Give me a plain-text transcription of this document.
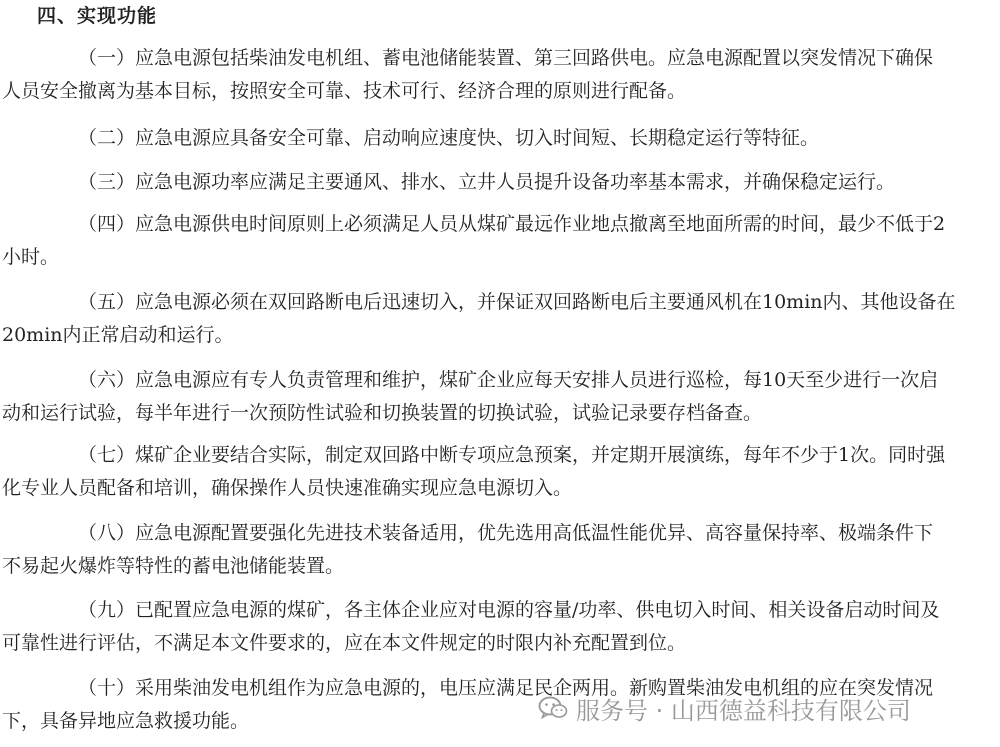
四、实现功能
（一）应急电源包括柴油发电机组、蓄电池储能装置、第三回路供电。应急电源配置以突发情况下确保
人员安全撤离为基本目标，按照安全可靠、技术可行、经济合理的原则进行配备。
（二）应急电源应具备安全可靠、启动响应速度快、切入时间短、长期稳定运行等特征。
（三）应急电源功率应满足主要通风、排水、立井人员提升设备功率基本需求，并确保稳定运行。
（四）应急电源供电时间原则上必须满足人员从煤矿最远作业地点撤离至地面所需的时间，最少不低于2
小时。
（五）应急电源必须在双回路断电后迅速切入，并保证双回路断电后主要通风机在10min内、其他设备在
20min内正常启动和运行。
（六）应急电源应有专人负责管理和维护，煤矿企业应每天安排人员进行巡检，每10天至少进行一次启
动和运行试验，每半年进行一次预防性试验和切换装置的切换试验，试验记录要存档备查。
（七）煤矿企业要结合实际，制定双回路中断专项应急预案，并定期开展演练，每年不少于1次。同时强
化专业人员配备和培训，确保操作人员快速准确实现应急电源切入。
（八）应急电源配置要强化先进技术装备适用，优先选用高低温性能优异、高容量保持率、极端条件下
不易起火爆炸等特性的蓄电池储能装置。
（九）已配置应急电源的煤矿，各主体企业应对电源的容量/功率、供电切入时间、相关设备启动时间及
可靠性进行评估，不满足本文件要求的，应在本文件规定的时限内补充配置到位。
（十）采用柴油发电机组作为应急电源的，电压应满足民企两用。新购置柴油发电机组的应在突发情况
下，具备异地应急救援功能。	服务号 · 山西德益科技有限公司
